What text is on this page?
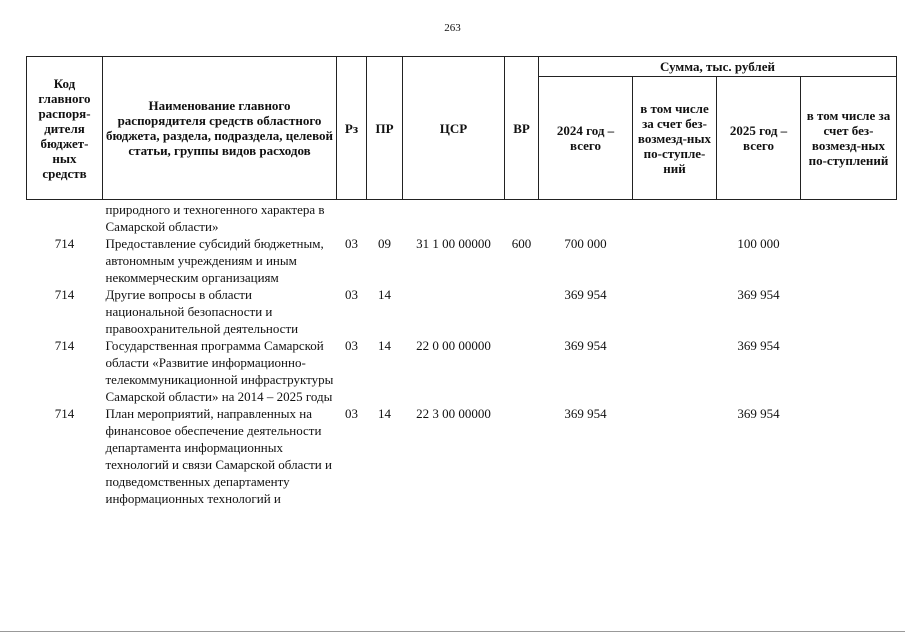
263
Код главного распоря-дителя бюджет-ных средств	Наименование главного распорядителя средств областного бюджета, раздела, подраздела, целевой статьи, группы видов расходов	Рз	ПР	ЦСР	ВР	Сумма, тыс. рублей			
						2024 год – всего	в том числе за счет без-возмезд-ных по-ступле-ний	2025 год – всего	в том числе за счет без-возмезд-ных по-ступлений
	природного и техногенного характера в Самарской области»								
714	Предоставление субсидий бюджетным, автономным учреждениям и иным некоммерческим организациям	03	09	31 1 00 00000	600	700 000		100 000	
714	Другие вопросы в области национальной безопасности и правоохранительной деятельности	03	14			369 954		369 954	
714	Государственная программа Самарской области «Развитие информационно-телекоммуникационной инфраструктуры Самарской области» на 2014 – 2025 годы	03	14	22 0 00 00000		369 954		369 954	
714	План мероприятий, направленных на финансовое обеспечение деятельности департамента информационных технологий и связи Самарской области и подведомственных департаменту информационных технологий и	03	14	22 3 00 00000		369 954		369 954	
